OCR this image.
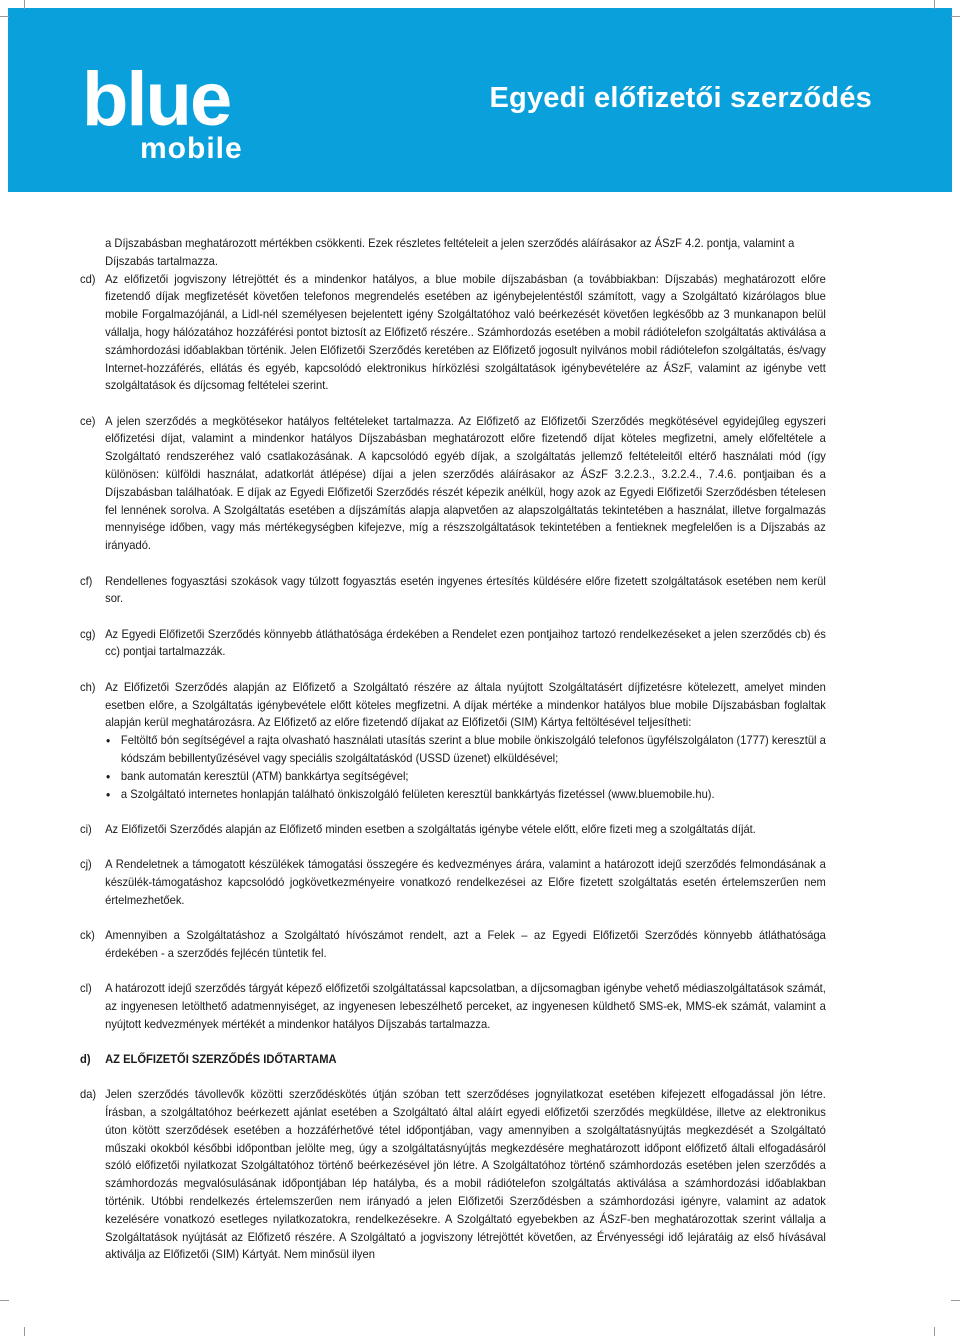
blue
mobile
Egyedi előfizetői szerződés

a Díjszabásban meghatározott mértékben csökkenti. Ezek részletes feltételeit a jelen szerződés aláírásakor az ÁSzF 4.2. pontja, valamint a Díjszabás tartalmazza.

cd) Az előfizetői jogviszony létrejöttét és a mindenkor hatályos, a blue mobile díjszabásban (a továbbiakban: Díjszabás) meghatározott előre fizetendő díjak megfizetését követően telefonos megrendelés esetében az igénybejelentéstől számított, vagy a Szolgáltató kizárólagos blue mobile Forgalmazójánál, a Lidl-nél személyesen bejelentett igény Szolgáltatóhoz való beérkezését követően legkésőbb az 3 munkanapon belül vállalja, hogy hálózatához hozzáférési pontot biztosít az Előfizető részére.. Számhordozás esetében a mobil rádiótelefon szolgáltatás aktiválása a számhordozási időablakban történik. Jelen Előfizetői Szerződés keretében az Előfizető jogosult nyilvános mobil rádiótelefon szolgáltatás, és/vagy Internet-hozzáférés, ellátás és egyéb, kapcsolódó elektronikus hírközlési szolgáltatások igénybevételére az ÁSzF, valamint az igénybe vett szolgáltatások és díjcsomag feltételei szerint.

ce) A jelen szerződés a megkötésekor hatályos feltételeket tartalmazza. Az Előfizető az Előfizetői Szerződés megkötésével egyidejűleg egyszeri előfizetési díjat, valamint a mindenkor hatályos Díjszabásban meghatározott előre fizetendő díjat köteles megfizetni, amely előfeltétele a Szolgáltató rendszeréhez való csatlakozásának. A kapcsolódó egyéb díjak, a szolgáltatás jellemző feltételeitől eltérő használati mód (így különösen: külföldi használat, adatkorlát átlépése) díjai a jelen szerződés aláírásakor az ÁSzF 3.2.2.3., 3.2.2.4., 7.4.6. pontjaiban és a Díjszabásban találhatóak. E díjak az Egyedi Előfizetői Szerződés részét képezik anélkül, hogy azok az Egyedi Előfizetői Szerződésben tételesen fel lennének sorolva. A Szolgáltatás esetében a díjszámítás alapja alapvetően az alapszolgáltatás tekintetében a használat, illetve forgalmazás mennyisége időben, vagy más mértékegységben kifejezve, míg a részszolgáltatások tekintetében a fentieknek megfelelően is a Díjszabás az irányadó.

cf)	Rendellenes fogyasztási szokások vagy túlzott fogyasztás esetén ingyenes értesítés küldésére előre fizetett szolgáltatások esetében nem kerül sor.

cg) Az Egyedi Előfizetői Szerződés könnyebb átláthatósága érdekében a Rendelet ezen pontjaihoz tartozó rendelkezéseket a jelen szerződés cb) és cc) pontjai tartalmazzák.

ch) Az Előfizetői Szerződés alapján az Előfizető a Szolgáltató részére az általa nyújtott Szolgáltatásért díjfizetésre kötelezett, amelyet minden esetben előre, a Szolgáltatás igénybevétele előtt köteles megfizetni. A díjak mértéke a mindenkor hatályos blue mobile Díjszabásban foglaltak alapján kerül meghatározásra. Az Előfizető az előre fizetendő díjakat az Előfizetői (SIM) Kártya feltöltésével teljesítheti:

• Feltöltő bón segítségével a rajta olvasható használati utasítás szerint a blue mobile önkiszolgáló telefonos ügyfélszolgálaton (1777) keresztül a kódszám bebillentyűzésével vagy speciális szolgáltatáskód (USSD üzenet) elküldésével;
• bank automatán keresztül (ATM) bankkártya segítségével;
• a Szolgáltató internetes honlapján található önkiszolgáló felületen keresztül bankkártyás fizetéssel (www.bluemobile.hu).
ci)	Az Előfizetői Szerződés alapján az Előfizető minden esetben a szolgáltatás igénybe vétele előtt, előre fizeti meg a szolgáltatás díját.

cj)	A Rendeletnek a támogatott készülékek támogatási összegére és kedvezményes árára, valamint a határozott idejű szerződés felmondásának a készülék-támogatáshoz kapcsolódó jogkövetkezményeire vonatkozó rendelkezései az Előre fizetett szolgáltatás esetén értelemszerűen nem értelmezhetőek.

ck) Amennyiben a Szolgáltatáshoz a Szolgáltató hívószámot rendelt, azt a Felek – az Egyedi Előfizetői Szerződés könnyebb átláthatósága érdekében - a szerződés fejlécén tüntetik fel.

cl)	A határozott idejű szerződés tárgyát képező előfizetői szolgáltatással kapcsolatban, a díjcsomagban igénybe vehető médiaszolgáltatások számát, az ingyenesen letölthető adatmennyiséget, az ingyenesen lebeszélhető perceket, az ingyenesen küldhető SMS-ek, MMS-ek számát, valamint a nyújtott kedvezmények mértékét a mindenkor hatályos Díjszabás tartalmazza.

d)	AZ ELŐFIZETŐI SZERZŐDÉS IDŐTARTAMA

da) Jelen szerződés távollevők közötti szerződéskötés útján szóban tett szerződéses jognyilatkozat esetében kifejezett elfogadással jön létre. Írásban, a szolgáltatóhoz beérkezett ajánlat esetében a Szolgáltató által aláírt egyedi előfizetői szerződés megküldése, illetve az elektronikus úton kötött szerződések esetében a hozzáférhetővé tétel időpontjában, vagy amennyiben a szolgáltatásnyújtás megkezdését a Szolgáltató műszaki okokból későbbi időpontban jelölte meg, úgy a szolgáltatásnyújtás megkezdésére meghatározott időpont előfizető általi elfogadásáról szóló előfizetői nyilatkozat Szolgáltatóhoz történő beérkezésével jön létre. A Szolgáltatóhoz történő számhordozás esetében jelen szerződés a számhordozás megvalósulásának időpontjában lép hatályba, és a mobil rádiótelefon szolgáltatás aktiválása a számhordozási időablakban történik. Utóbbi rendelkezés értelemszerűen nem irányadó a jelen Előfizetői Szerződésben a számhordozási igényre, valamint az adatok kezelésére vonatkozó esetleges nyilatkozatokra, rendelkezésekre. A Szolgáltató egyebekben az ÁSzF-ben meghatározottak szerint vállalja a Szolgáltatások nyújtását az Előfizető részére. A Szolgáltató a jogviszony létrejöttét követően, az Érvényességi idő lejáratáig az első hívásával aktiválja az Előfizetői (SIM) Kártyát. Nem minősül ilyen
